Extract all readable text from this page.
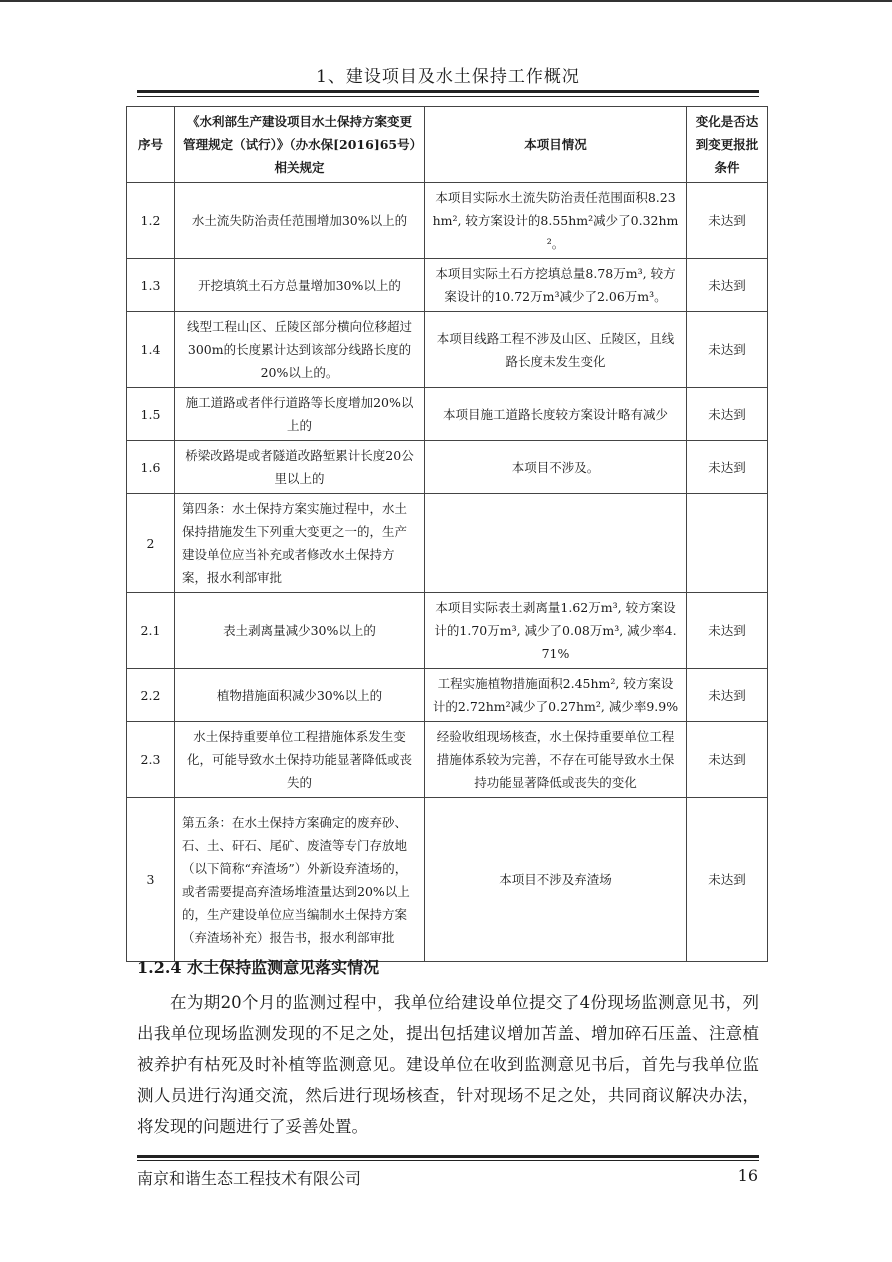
1、建设项目及水土保持工作概况
序号	《水利部生产建设项目水土保持方案变更管理规定（试行）》（办水保[2016]65号）相关规定	本项目情况	变化是否达到变更报批条件
1.2	水土流失防治责任范围增加30%以上的	本项目实际水土流失防治责任范围面积8.23hm², 较方案设计的8.55hm²减少了0.32hm²。	未达到
1.3	开挖填筑土石方总量增加30%以上的	本项目实际土石方挖填总量8.78万m³, 较方案设计的10.72万m³减少了2.06万m³。	未达到
1.4	线型工程山区、丘陵区部分横向位移超过 300m的长度累计达到该部分线路长度的 20%以上的。	本项目线路工程不涉及山区、丘陵区，且线路长度未发生变化	未达到
1.5	施工道路或者伴行道路等长度增加20%以上的	本项目施工道路长度较方案设计略有减少	未达到
1.6	桥梁改路堤或者隧道改路堑累计长度20公里以上的	本项目不涉及。	未达到
2	第四条：水土保持方案实施过程中，水土保持措施发生下列重大变更之一的，生产建设单位应当补充或者修改水土保持方案，报水利部审批		
2.1	表土剥离量减少30%以上的	本项目实际表土剥离量1.62万m³, 较方案设计的1.70万m³, 减少了0.08万m³, 减少率4.71%	未达到
2.2	植物措施面积减少30%以上的	工程实施植物措施面积2.45hm², 较方案设计的2.72hm²减少了0.27hm², 减少率9.9%	未达到
2.3	水土保持重要单位工程措施体系发生变化，可能导致水土保持功能显著降低或丧失的	经验收组现场核查，水土保持重要单位工程措施体系较为完善，不存在可能导致水土保持功能显著降低或丧失的变化	未达到
3	第五条：在水土保持方案确定的废弃砂、石、土、矸石、尾矿、废渣等专门存放地（以下简称“弃渣场”）外新设弃渣场的，或者需要提高弃渣场堆渣量达到20%以上的，生产建设单位应当编制水土保持方案（弃渣场补充）报告书，报水利部审批	本项目不涉及弃渣场	未达到
1.2.4 水土保持监测意见落实情况
在为期20个月的监测过程中，我单位给建设单位提交了4份现场监测意见书，列出我单位现场监测发现的不足之处，提出包括建议增加苫盖、增加碎石压盖、注意植被养护有枯死及时补植等监测意见。建设单位在收到监测意见书后，首先与我单位监测人员进行沟通交流，然后进行现场核查，针对现场不足之处，共同商议解决办法，将发现的问题进行了妥善处置。
南京和谐生态工程技术有限公司	16
